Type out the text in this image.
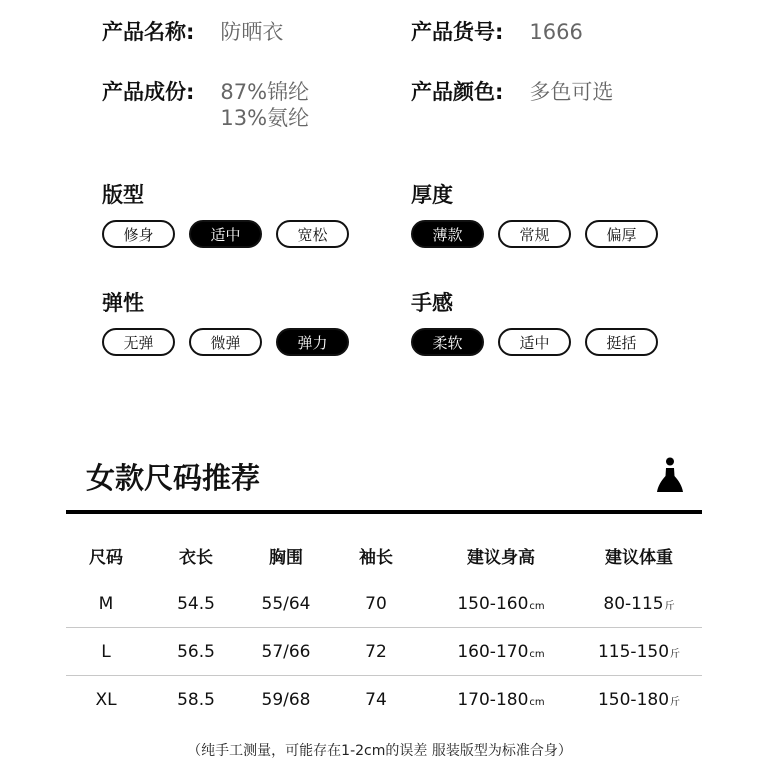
产品名称: 防晒衣	产品货号: 1666
产品成份: 87%锦纶
13%氨纶
产品颜色: 多色可选
版型
修身	适中	宽松
厚度
薄款	常规	偏厚
弹性
无弹	微弹	弹力
手感
柔软	适中	挺括
女款尺码推荐
尺码	衣长	胸围	袖长	建议身高	建议体重
M	54.5	55/64	70	150-160cm	80-115斤
L	56.5	57/66	72	160-170cm	115-150斤
XL	58.5	59/68	74	170-180cm	150-180斤
（纯手工测量，可能存在1-2cm的误差 服装版型为标准合身）
